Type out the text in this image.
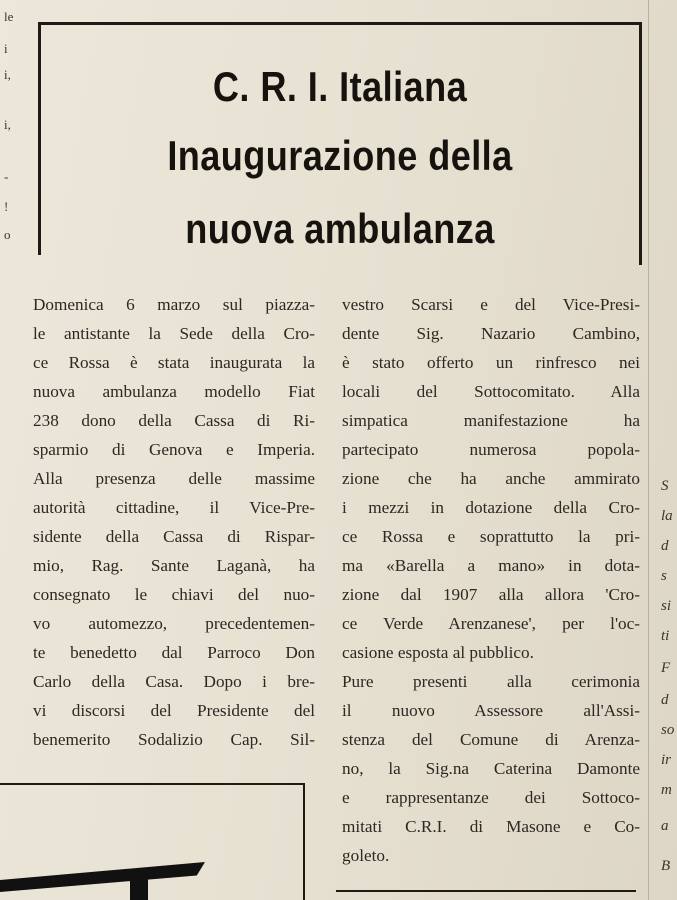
le
i
i,
i,
-
!
o
S
la
d
s
si
ti
F
d
so
ir
m
a
B
C. R. I. Italiana
Inaugurazione della
nuova ambulanza
Domenica 6 marzo sul piazza-
le antistante la Sede della Cro-
ce Rossa è stata inaugurata la
nuova ambulanza modello Fiat
238 dono della Cassa di Ri-
sparmio di Genova e Imperia.
Alla presenza delle massime
autorità cittadine, il Vice-Pre-
sidente della Cassa di Rispar-
mio, Rag. Sante Laganà, ha
consegnato le chiavi del nuo-
vo automezzo, precedentemen-
te benedetto dal Parroco Don
Carlo della Casa. Dopo i bre-
vi discorsi del Presidente del
benemerito Sodalizio Cap. Sil-
vestro Scarsi e del Vice-Presi-
dente Sig. Nazario Cambino,
è stato offerto un rinfresco nei
locali del Sottocomitato. Alla
simpatica manifestazione ha
partecipato numerosa popola-
zione che ha anche ammirato
i mezzi in dotazione della Cro-
ce Rossa e soprattutto la pri-
ma «Barella a mano» in dota-
zione dal 1907 alla allora 'Cro-
ce Verde Arenzanese', per l'oc-
casione esposta al pubblico.
Pure presenti alla cerimonia
il nuovo Assessore all'Assi-
stenza del Comune di Arenza-
no, la Sig.na Caterina Damonte
e rappresentanze dei Sottoco-
mitati C.R.I. di Masone e Co-
goleto.
